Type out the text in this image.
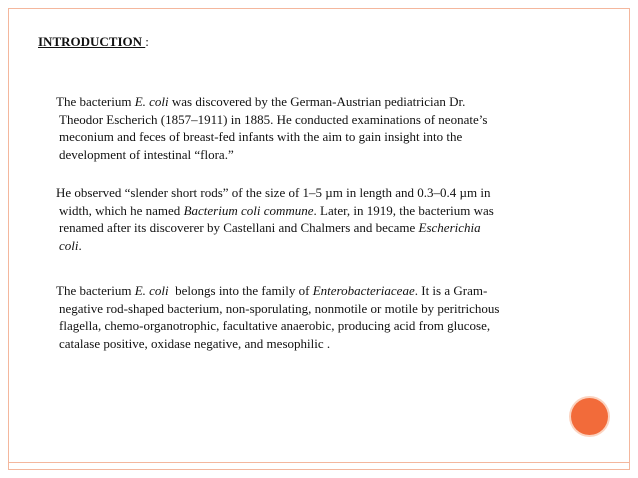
INTRODUCTION :
The bacterium E. coli was discovered by the German-Austrian pediatrician Dr.
Theodor Escherich (1857–1911) in 1885. He conducted examinations of neonate’s
meconium and feces of breast-fed infants with the aim to gain insight into the
development of intestinal “flora.”
He observed “slender short rods” of the size of 1–5 µm in length and 0.3–0.4 µm in
width, which he named Bacterium coli commune. Later, in 1919, the bacterium was
renamed after its discoverer by Castellani and Chalmers and became Escherichia
coli.
The bacterium E. coli  belongs into the family of Enterobacteriaceae. It is a Gram-
negative rod-shaped bacterium, non-sporulating, nonmotile or motile by peritrichous
flagella, chemo-organotrophic, facultative anaerobic, producing acid from glucose,
catalase positive, oxidase negative, and mesophilic .
